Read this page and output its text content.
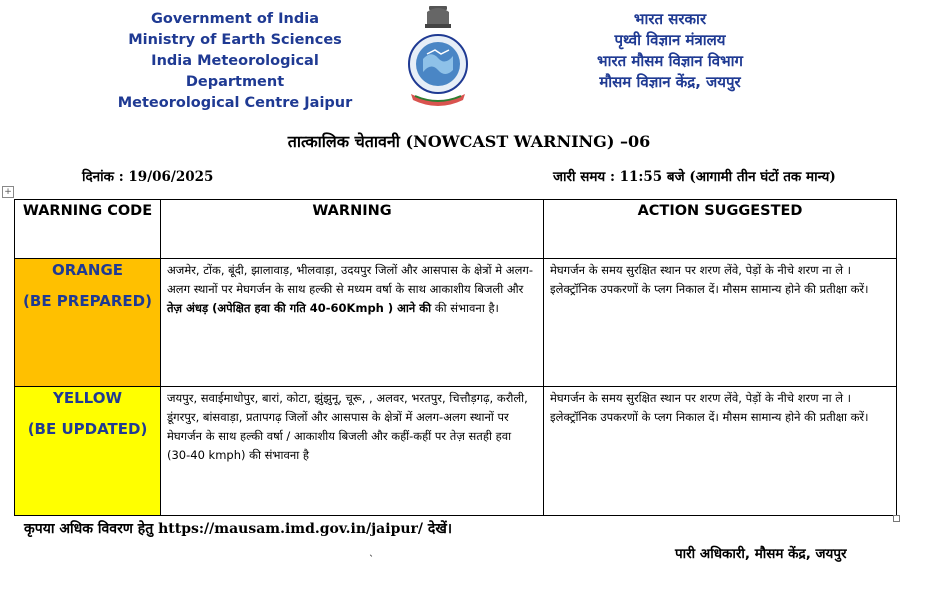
Government of India
Ministry of Earth Sciences
India Meteorological Department
Meteorological Centre Jaipur
भारत सरकार
पृथ्वी विज्ञान मंत्रालय
भारत मौसम विज्ञान विभाग
मौसम विज्ञान केंद्र, जयपुर
तात्कालिक चेतावनी (NOWCAST WARNING) –06
दिनांक : 19/06/2025	जारी समय : 11:55 बजे (आगामी तीन घंटों तक मान्य)
+
WARNING CODE	WARNING	ACTION SUGGESTED

ORANGE
(BE PREPARED)	अजमेर, टोंक, बूंदी, झालावाड़, भीलवाड़ा, उदयपुर जिलों और आसपास के क्षेत्रों मे अलग-अलग स्थानों पर मेघगर्जन के साथ हल्की से मध्यम वर्षा के साथ आकाशीय बिजली और तेज़ अंधड़ (अपेक्षित हवा की गति 40-60Kmph ) आने की की संभावना है।	मेघगर्जन के समय सुरक्षित स्थान पर शरण लेंवे, पेड़ों के नीचे शरण ना ले । इलेक्ट्रॉनिक उपकरणों के प्लग निकाल दें। मौसम सामान्य होने की प्रतीक्षा करें।

YELLOW
(BE UPDATED)	जयपुर, सवाईमाधोपुर, बारां, कोटा, झुंझुनू, चूरू, , अलवर, भरतपुर, चित्तौड़गढ़, करौली, डूंगरपुर, बांसवाड़ा, प्रतापगढ़ जिलों और आसपास के क्षेत्रों में अलग-अलग स्थानों पर मेघगर्जन के साथ हल्की वर्षा / आकाशीय बिजली और कहीं-कहीं पर तेज़ सतही हवा (30-40 kmph) की संभावना है	मेघगर्जन के समय सुरक्षित स्थान पर शरण लेंवे, पेड़ों के नीचे शरण ना ले । इलेक्ट्रॉनिक उपकरणों के प्लग निकाल दें। मौसम सामान्य होने की प्रतीक्षा करें।
कृपया अधिक विवरण हेतु https://mausam.imd.gov.in/jaipur/ देखें।
ˎ	पारी अधिकारी, मौसम केंद्र, जयपुर
